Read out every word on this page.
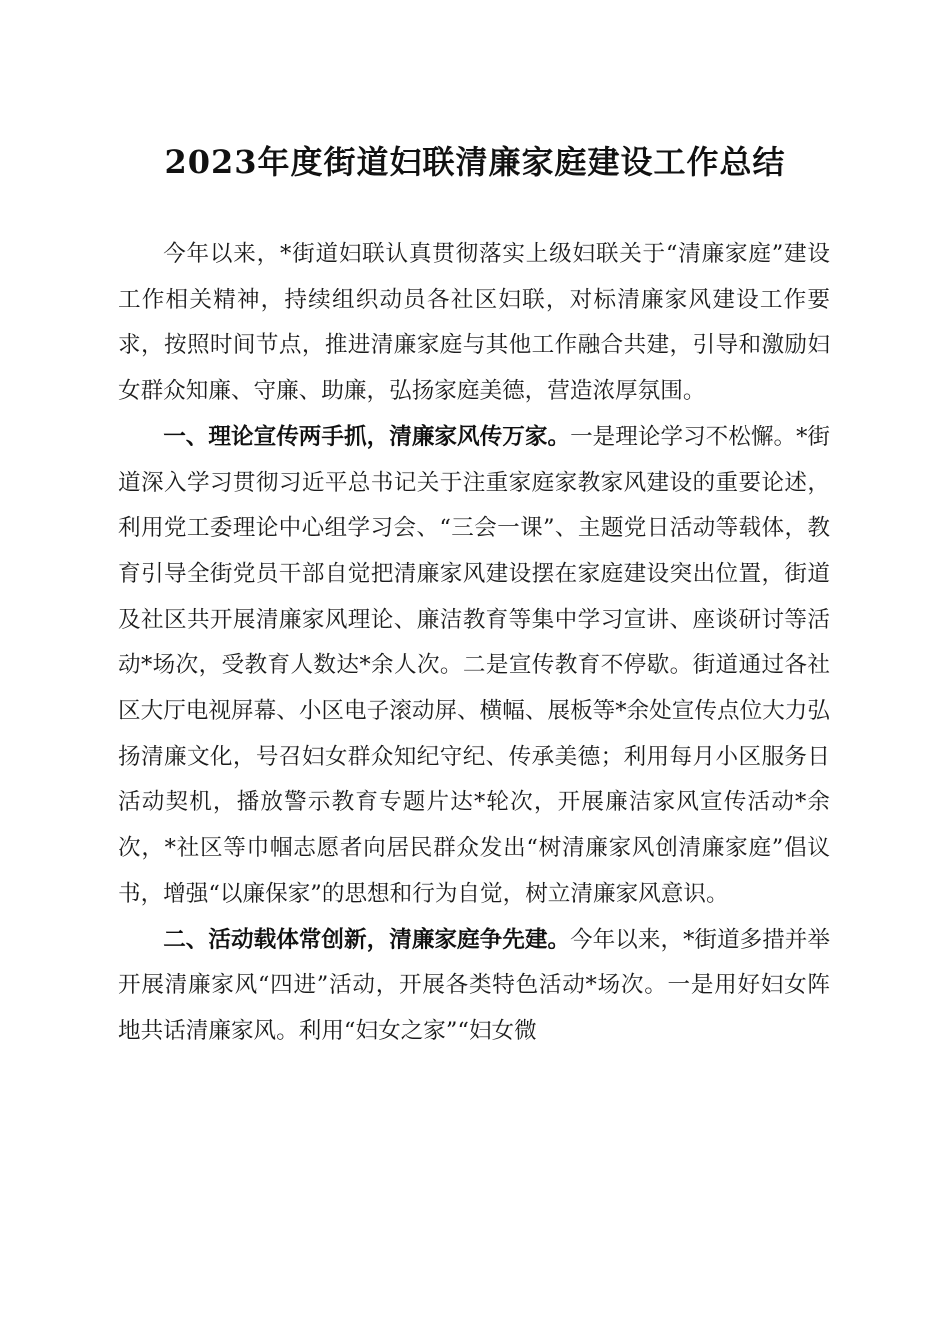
2023年度街道妇联清廉家庭建设工作总结

今年以来，*街道妇联认真贯彻落实上级妇联关于“清廉家庭”建设工作相关精神，持续组织动员各社区妇联，对标清廉家风建设工作要求，按照时间节点，推进清廉家庭与其他工作融合共建，引导和激励妇女群众知廉、守廉、助廉，弘扬家庭美德，营造浓厚氛围。

一、理论宣传两手抓，清廉家风传万家。一是理论学习不松懈。*街道深入学习贯彻习近平总书记关于注重家庭家教家风建设的重要论述，利用党工委理论中心组学习会、“三会一课”、主题党日活动等载体，教育引导全街党员干部自觉把清廉家风建设摆在家庭建设突出位置，街道及社区共开展清廉家风理论、廉洁教育等集中学习宣讲、座谈研讨等活动*场次，受教育人数达*余人次。二是宣传教育不停歇。街道通过各社区大厅电视屏幕、小区电子滚动屏、横幅、展板等*余处宣传点位大力弘扬清廉文化，号召妇女群众知纪守纪、传承美德；利用每月小区服务日活动契机，播放警示教育专题片达*轮次，开展廉洁家风宣传活动*余次，*社区等巾帼志愿者向居民群众发出“树清廉家风创清廉家庭”倡议书，增强“以廉保家”的思想和行为自觉，树立清廉家风意识。

二、活动载体常创新，清廉家庭争先建。今年以来，*街道多措并举开展清廉家风“四进”活动，开展各类特色活动*场次。一是用好妇女阵地共话清廉家风。利用“妇女之家”“妇女微
